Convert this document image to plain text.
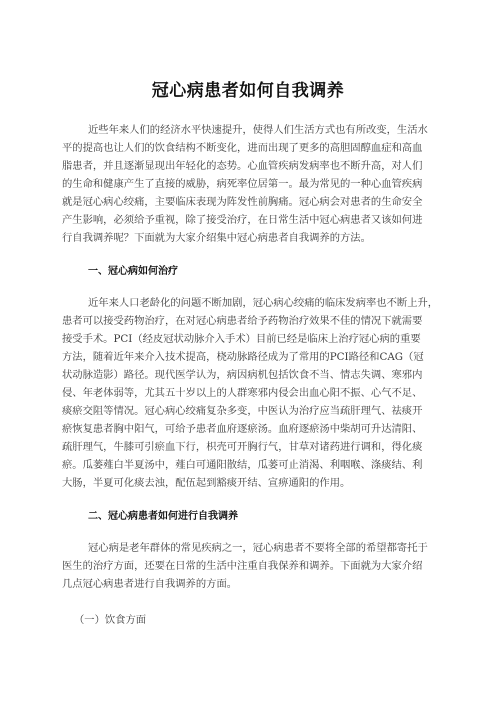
冠心病患者如何自我调养
近些年来人们的经济水平快速提升，使得人们生活方式也有所改变，生活水
平的提高也让人们的饮食结构不断变化，进而出现了更多的高胆固醇血症和高血
脂患者，并且逐渐显现出年轻化的态势。心血管疾病发病率也不断升高，对人们
的生命和健康产生了直接的威胁，病死率位居第一。最为常见的一种心血管疾病
就是冠心病心绞痛，主要临床表现为阵发性前胸痛。冠心病会对患者的生命安全
产生影响，必须给予重视，除了接受治疗，在日常生活中冠心病患者又该如何进
行自我调养呢？下面就为大家介绍集中冠心病患者自我调养的方法。
一、冠心病如何治疗
近年来人口老龄化的问题不断加剧，冠心病心绞痛的临床发病率也不断上升，
患者可以接受药物治疗，在对冠心病患者给予药物治疗效果不佳的情况下就需要
接受手术。PCI（经皮冠状动脉介入手术）目前已经是临床上治疗冠心病的重要
方法，随着近年来介入技术提高，桡动脉路径成为了常用的PCI路径和CAG（冠
状动脉造影）路径。现代医学认为，病因病机包括饮食不当、情志失调、寒邪内
侵、年老体弱等，尤其五十岁以上的人群寒邪内侵会出血心阳不振、心气不足、
痰瘀交阻等情况。冠心病心绞痛复杂多变，中医认为治疗应当疏肝理气、祛痰开
瘀恢复患者胸中阳气，可给予患者血府逐瘀汤。血府逐瘀汤中柴胡可升达清阳、
疏肝理气，牛膝可引瘀血下行，枳壳可开胸行气，甘草对诸药进行调和，得化痰
瘀。瓜蒌薤白半夏汤中，薤白可通阳散结，瓜蒌可止消渴、利咽喉、涤痰结、利
大肠，半夏可化痰去浊，配伍起到豁痰开结、宣痹通阳的作用。
二、冠心病患者如何进行自我调养
冠心病是老年群体的常见疾病之一，冠心病患者不要将全部的希望都寄托于
医生的治疗方面，还要在日常的生活中注重自我保养和调养。下面就为大家介绍
几点冠心病患者进行自我调养的方面。
（一）饮食方面
